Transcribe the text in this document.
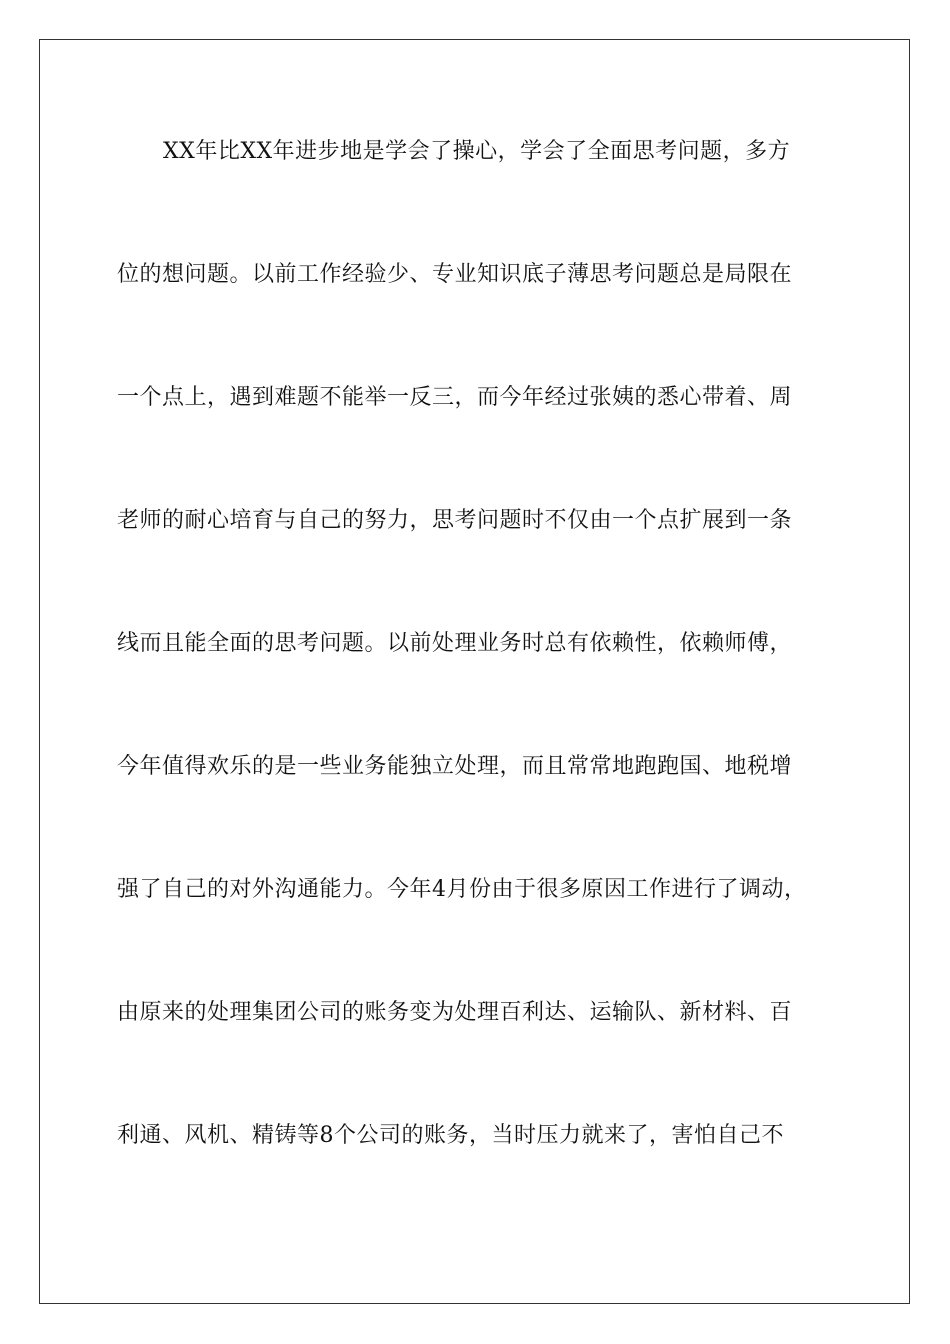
XX年比XX年进步地是学会了操心，学会了全面思考问题，多方
位的想问题。以前工作经验少、专业知识底子薄思考问题总是局限在
一个点上，遇到难题不能举一反三，而今年经过张姨的悉心带着、周
老师的耐心培育与自己的努力，思考问题时不仅由一个点扩展到一条
线而且能全面的思考问题。以前处理业务时总有依赖性，依赖师傅，
今年值得欢乐的是一些业务能独立处理，而且常常地跑跑国、地税增
强了自己的对外沟通能力。今年4月份由于很多原因工作进行了调动，
由原来的处理集团公司的账务变为处理百利达、运输队、新材料、百
利通、风机、精铸等8个公司的账务，当时压力就来了，害怕自己不
